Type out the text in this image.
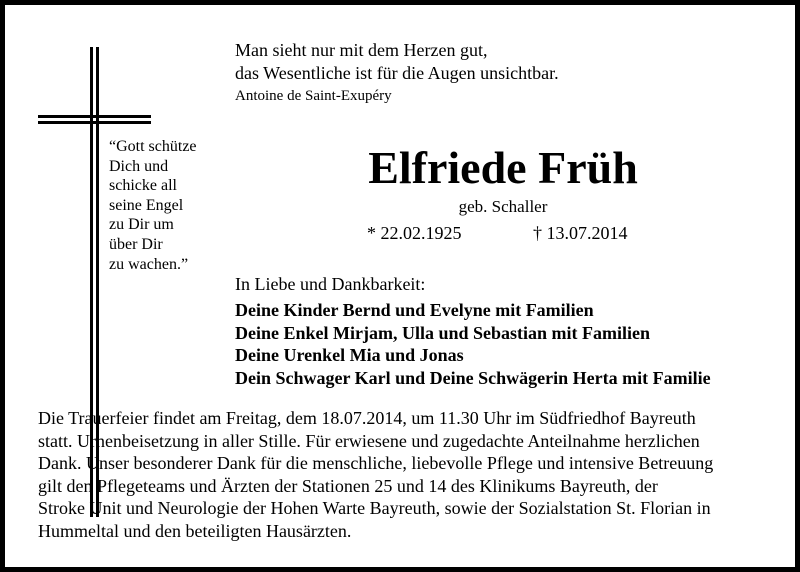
“Gott schütze
Dich und
schicke all
seine Engel
zu Dir um
über Dir
zu wachen.”

Man sieht nur mit dem Herzen gut,
das Wesentliche ist für die Augen unsichtbar.

Antoine de Saint-Exupéry
Elfriede Früh
geb. Schaller
* 22.02.1925	† 13.07.2014
In Liebe und Dankbarkeit:

Deine Kinder Bernd und Evelyne mit Familien
Deine Enkel Mirjam, Ulla und Sebastian mit Familien
Deine Urenkel Mia und Jonas
Dein Schwager Karl und Deine Schwägerin Herta mit Familie

Die Trauerfeier findet am Freitag, dem 18.07.2014, um 11.30 Uhr im Südfriedhof Bayreuth
statt. Urnenbeisetzung in aller Stille. Für erwiesene und zugedachte Anteilnahme herzlichen
Dank. Unser besonderer Dank für die menschliche, liebevolle Pflege und intensive Betreuung
gilt den Pflegeteams und Ärzten der Stationen 25 und 14 des Klinikums Bayreuth, der
Stroke Unit und Neurologie der Hohen Warte Bayreuth, sowie der Sozialstation St. Florian in
Hummeltal und den beteiligten Hausärzten.
